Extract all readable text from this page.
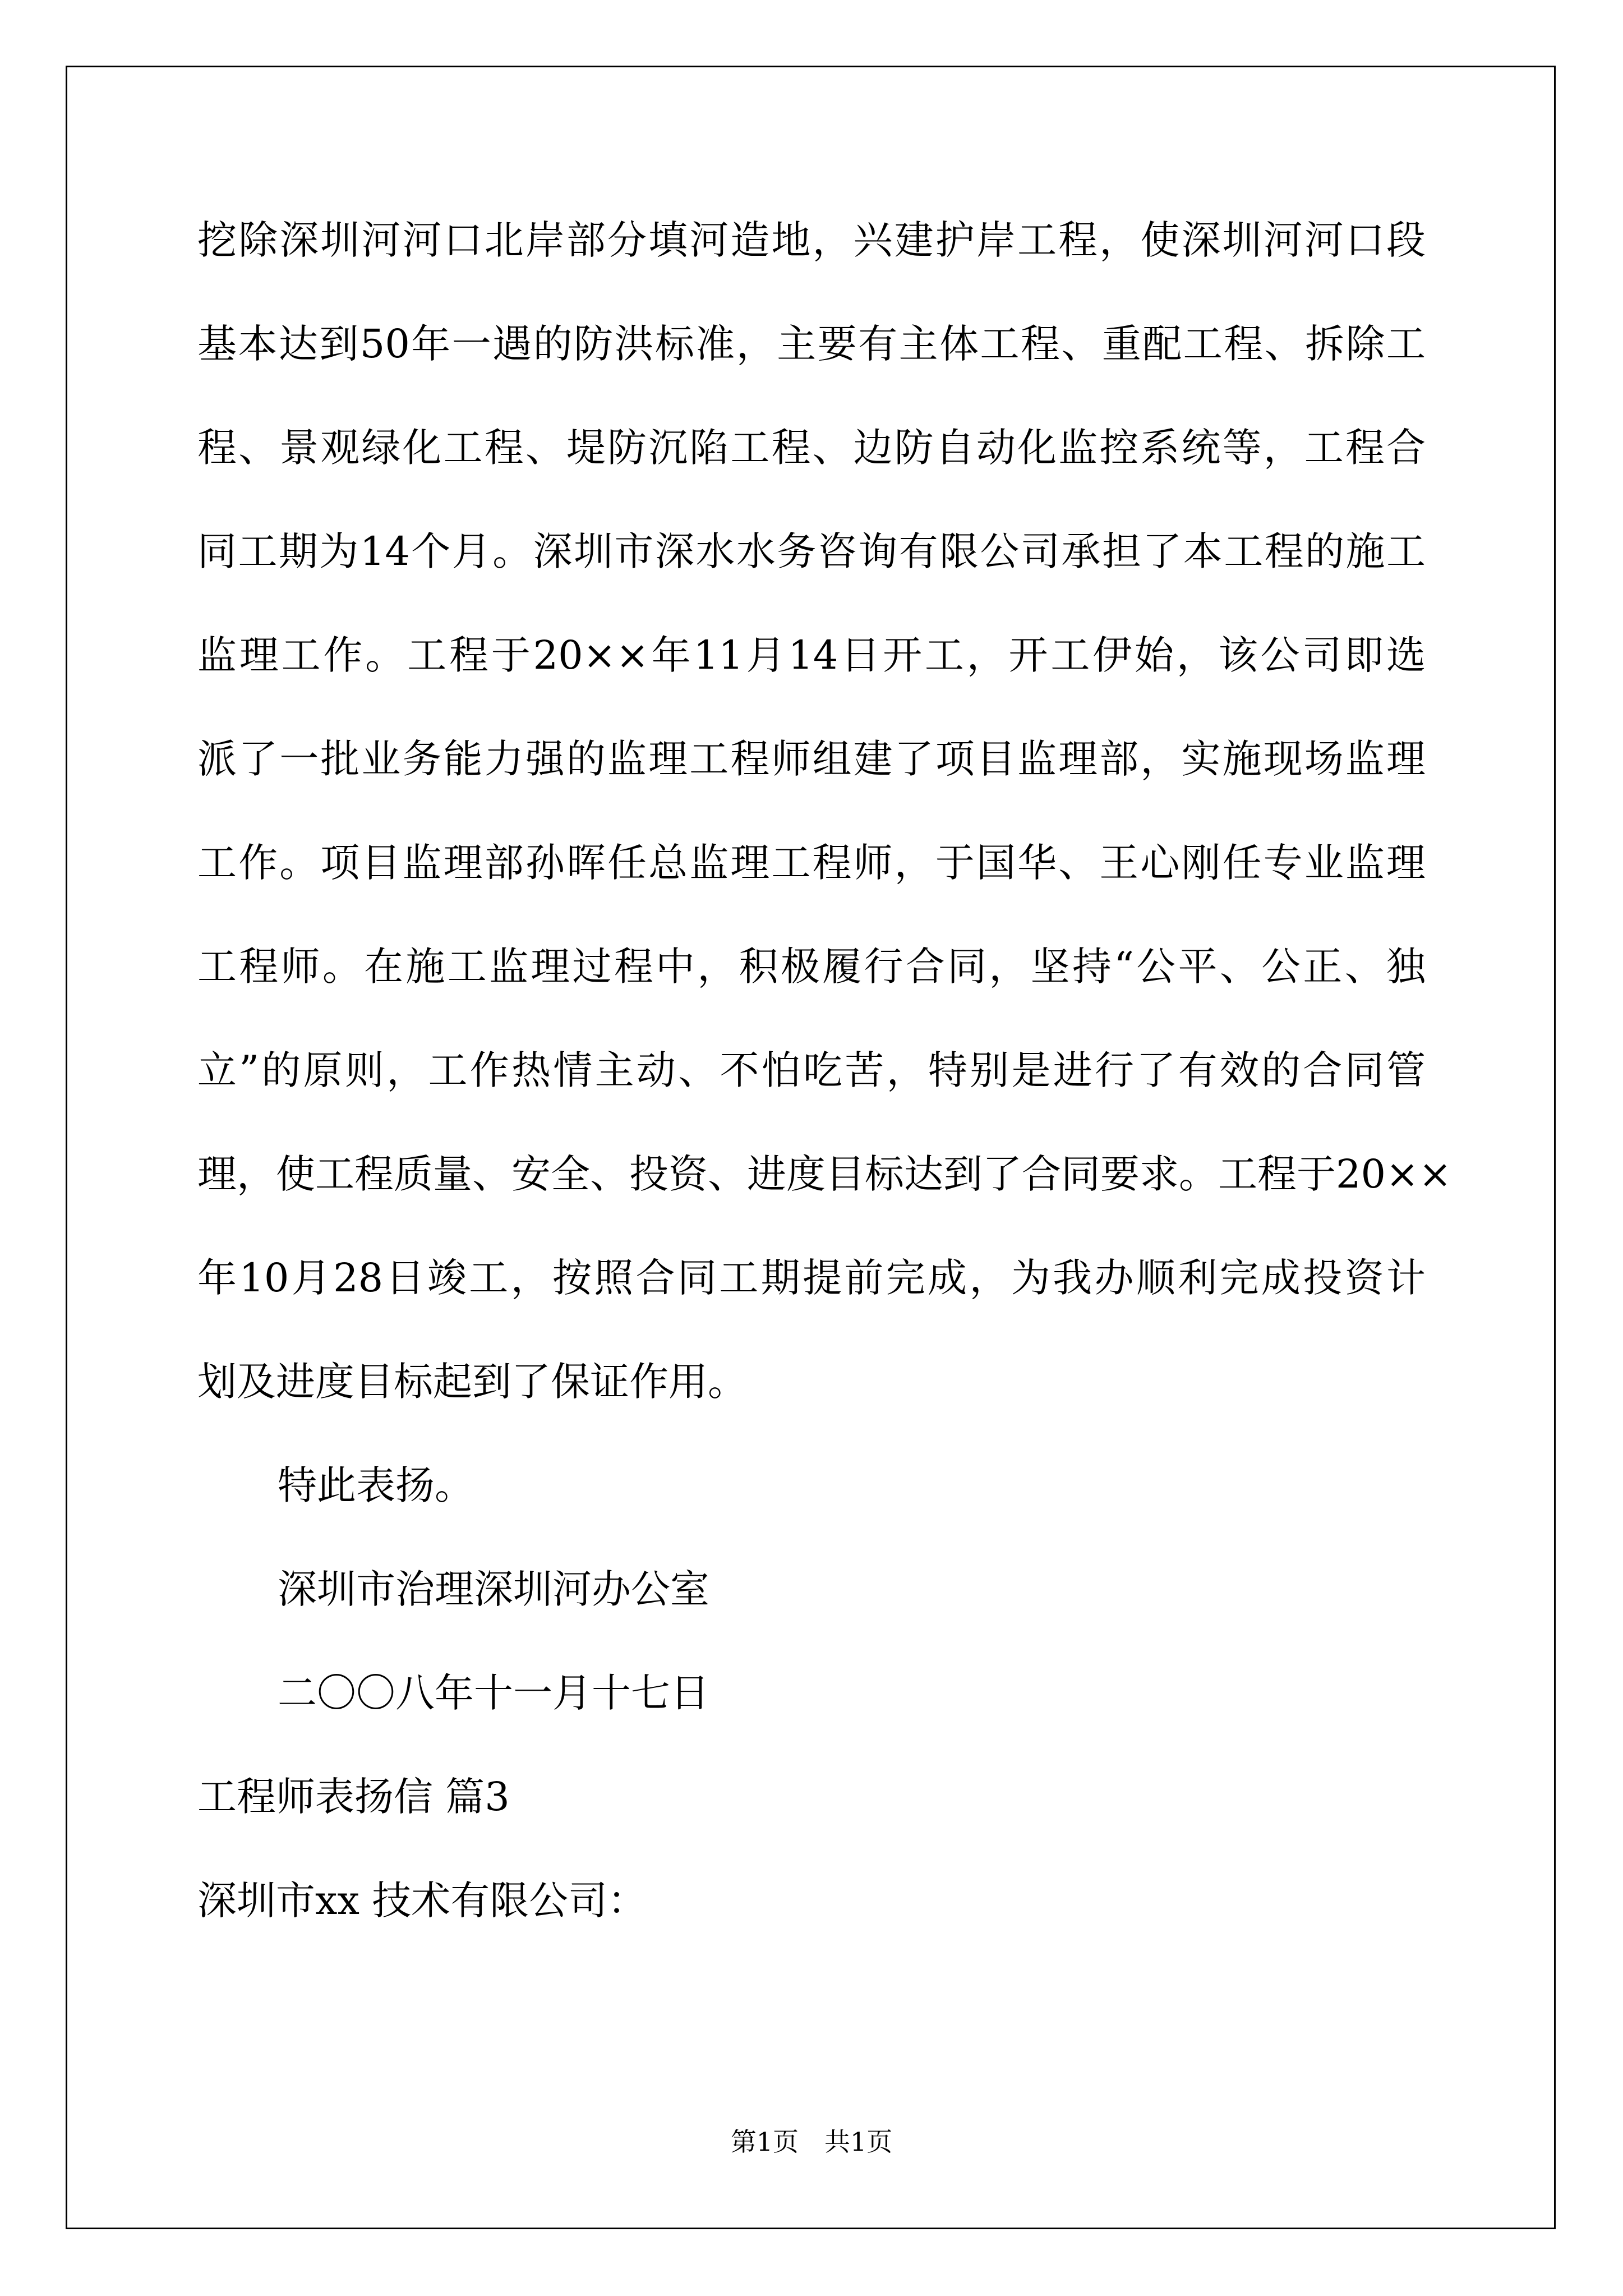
挖除深圳河河口北岸部分填河造地，兴建护岸工程，使深圳河河口段
基本达到50年一遇的防洪标准，主要有主体工程、重配工程、拆除工
程、景观绿化工程、堤防沉陷工程、边防自动化监控系统等，工程合
同工期为14个月。深圳市深水水务咨询有限公司承担了本工程的施工
监理工作。工程于20××年11月14日开工，开工伊始，该公司即选
派了一批业务能力强的监理工程师组建了项目监理部，实施现场监理
工作。项目监理部孙晖任总监理工程师，于国华、王心刚任专业监理
工程师。在施工监理过程中，积极履行合同，坚持“公平、公正、独
立”的原则，工作热情主动、不怕吃苦，特别是进行了有效的合同管
理，使工程质量、安全、投资、进度目标达到了合同要求。工程于20××
年10月28日竣工，按照合同工期提前完成，为我办顺利完成投资计
划及进度目标起到了保证作用。
特此表扬。
深圳市治理深圳河办公室
二〇〇八年十一月十七日
工程师表扬信 篇3
深圳市xx 技术有限公司：
第1页　共1页
